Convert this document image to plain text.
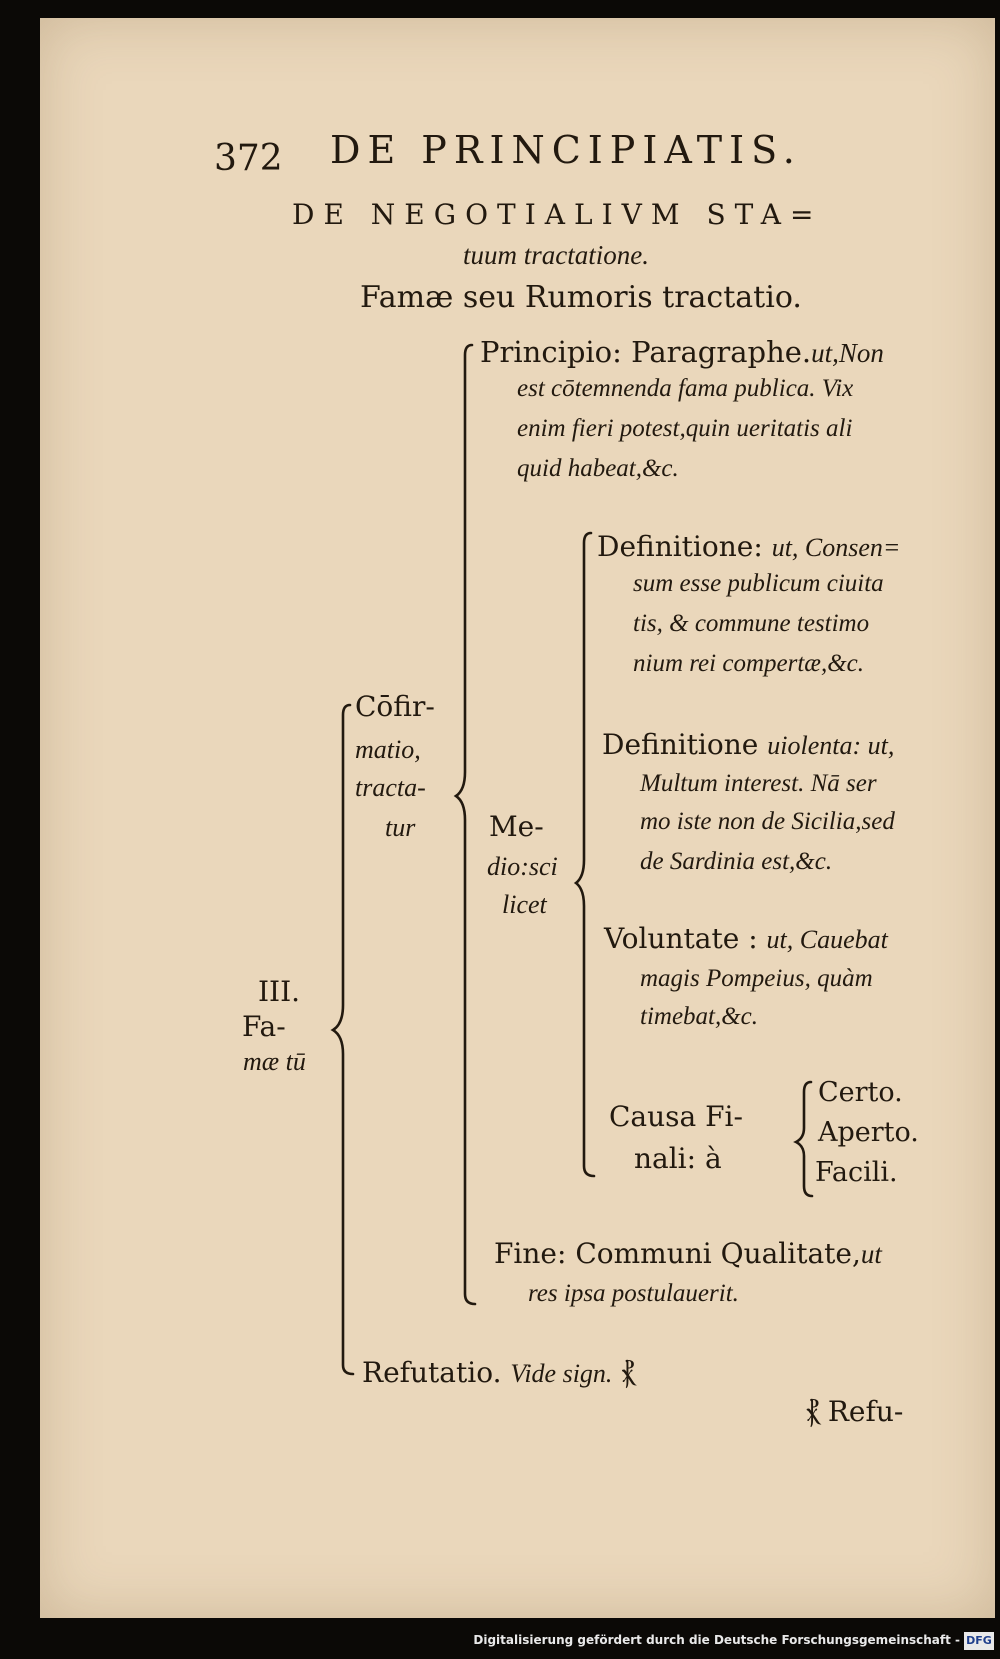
372 DE PRINCIPIATIS.
DE NEGOTIALIVM STA=
tuum tractatione.
Famæ seu Rumoris tractatio.
III.
Fa-
mæ tū
Cōfir-
matio,
tracta-
tur
Principio: Paragraphe.ut,Non
est cōtemnenda fama publica. Vix
enim fieri potest,quin ueritatis ali
quid habeat,&c.
Me-
dio:sci
licet
Definitione: ut, Consen=
sum esse publicum ciuita
tis, & commune testimo
nium rei compertæ,&c.
Definitione uiolenta: ut,
Multum interest. Nā ser
mo iste non de Sicilia,sed
de Sardinia est,&c.
Voluntate : ut, Cauebat
magis Pompeius, quàm
timebat,&c.
Causa Fi-
nali: à
Certo.
Aperto.
Facili.
Fine: Communi Qualitate,ut
res ipsa postulauerit.
Refutatio. Vide sign. ⳩
⳩ Refu-
Digitalisierung gefördert durch die Deutsche Forschungsgemeinschaft - DFG
